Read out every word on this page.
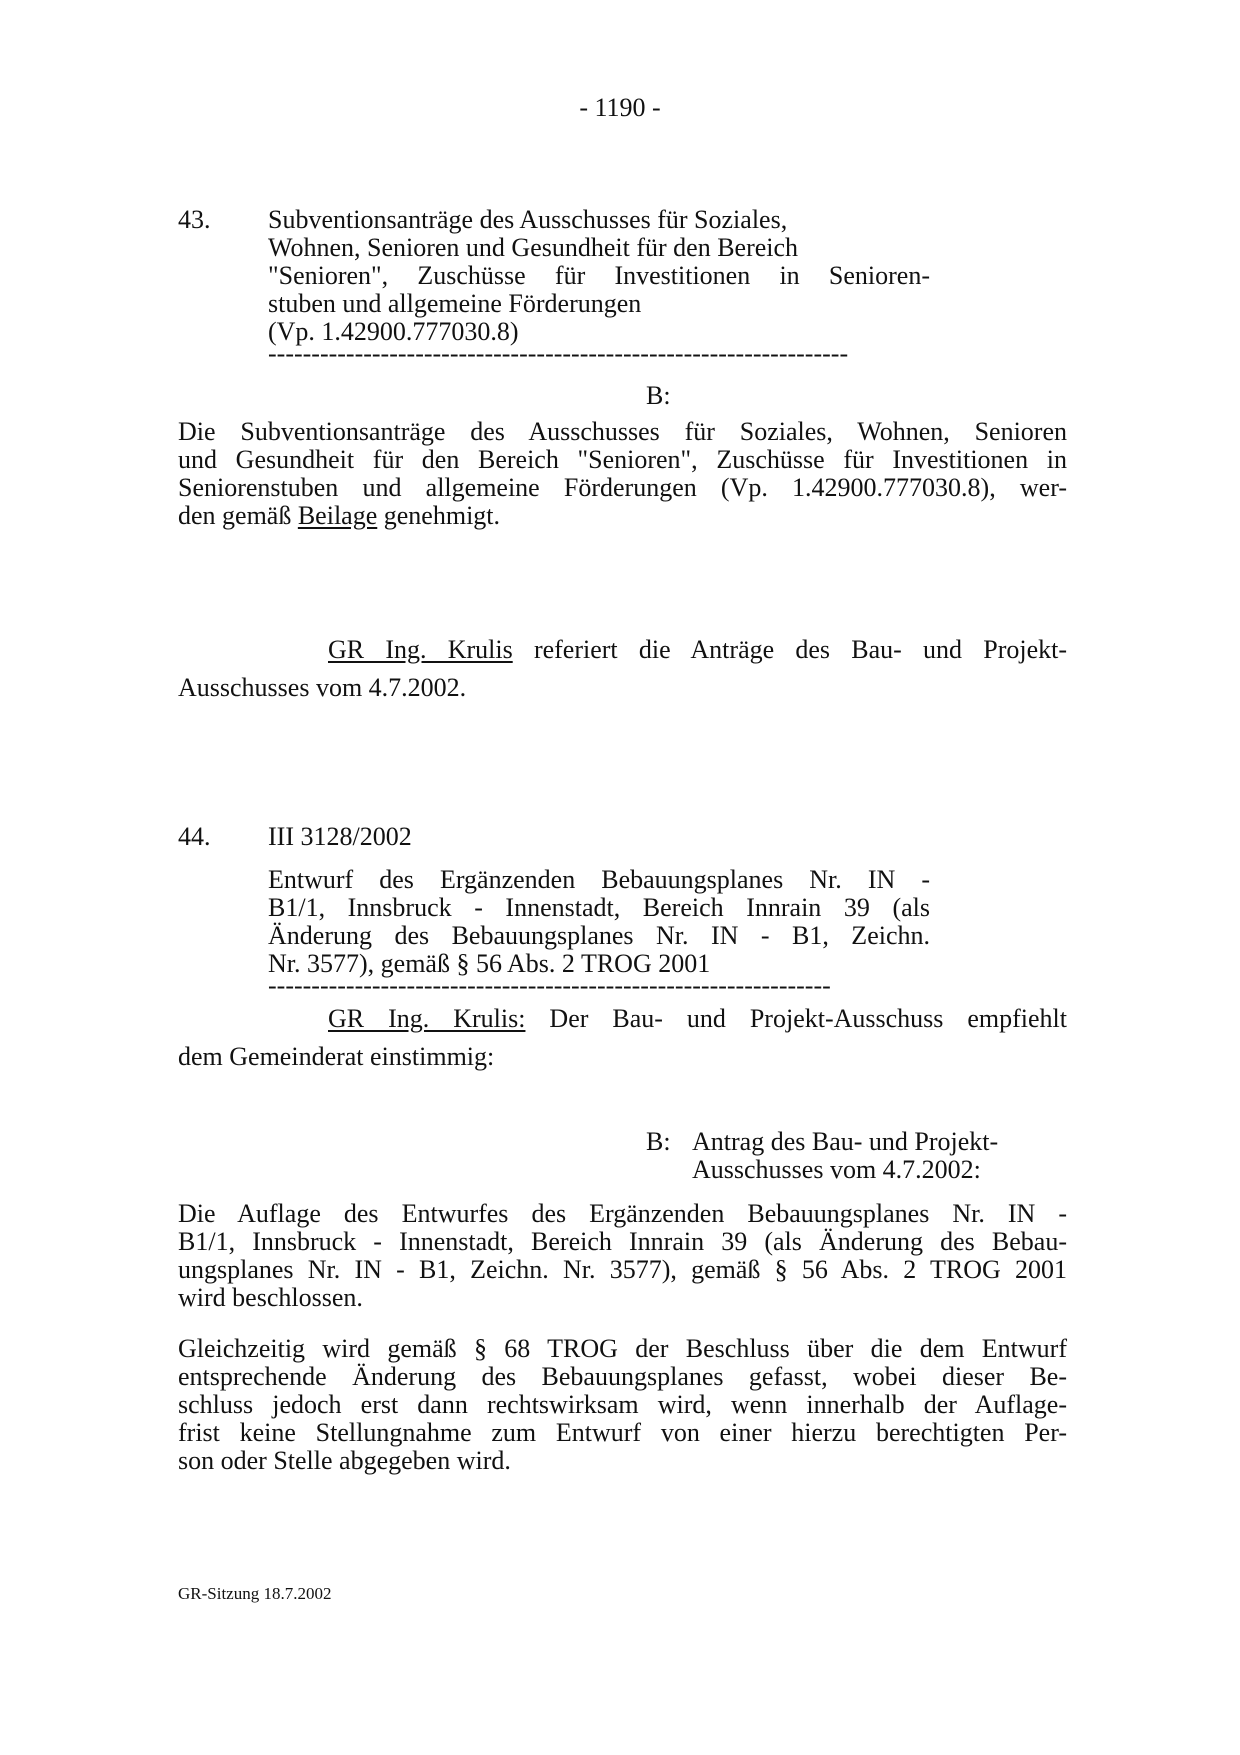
- 1190 -
43. Subventionsanträge des Ausschusses für Soziales,
Wohnen, Senioren und Gesundheit für den Bereich
"Senioren", Zuschüsse für Investitionen in Senioren-
stuben und allgemeine Förderungen
(Vp. 1.42900.777030.8)
-------------------------------------------------------------------
B:
Die Subventionsanträge des Ausschusses für Soziales, Wohnen, Senioren
und Gesundheit für den Bereich "Senioren", Zuschüsse für Investitionen in
Seniorenstuben und allgemeine Förderungen (Vp. 1.42900.777030.8), wer-
den gemäß Beilage genehmigt.
GR Ing. Krulis referiert die Anträge des Bau- und Projekt-
Ausschusses vom 4.7.2002.
44. III 3128/2002
Entwurf des Ergänzenden Bebauungsplanes Nr. IN -
B1/1, Innsbruck - Innenstadt, Bereich Innrain 39 (als
Änderung des Bebauungsplanes Nr. IN - B1, Zeichn.
Nr. 3577), gemäß § 56 Abs. 2 TROG 2001
-----------------------------------------------------------------
GR Ing. Krulis: Der Bau- und Projekt-Ausschuss empfiehlt
dem Gemeinderat einstimmig:
B: Antrag des Bau- und Projekt-
Ausschusses vom 4.7.2002:
Die Auflage des Entwurfes des Ergänzenden Bebauungsplanes Nr. IN -
B1/1, Innsbruck - Innenstadt, Bereich Innrain 39 (als Änderung des Bebau-
ungsplanes Nr. IN - B1, Zeichn. Nr. 3577), gemäß § 56 Abs. 2 TROG 2001
wird beschlossen.
Gleichzeitig wird gemäß § 68 TROG der Beschluss über die dem Entwurf
entsprechende Änderung des Bebauungsplanes gefasst, wobei dieser Be-
schluss jedoch erst dann rechtswirksam wird, wenn innerhalb der Auflage-
frist keine Stellungnahme zum Entwurf von einer hierzu berechtigten Per-
son oder Stelle abgegeben wird.
GR-Sitzung 18.7.2002
